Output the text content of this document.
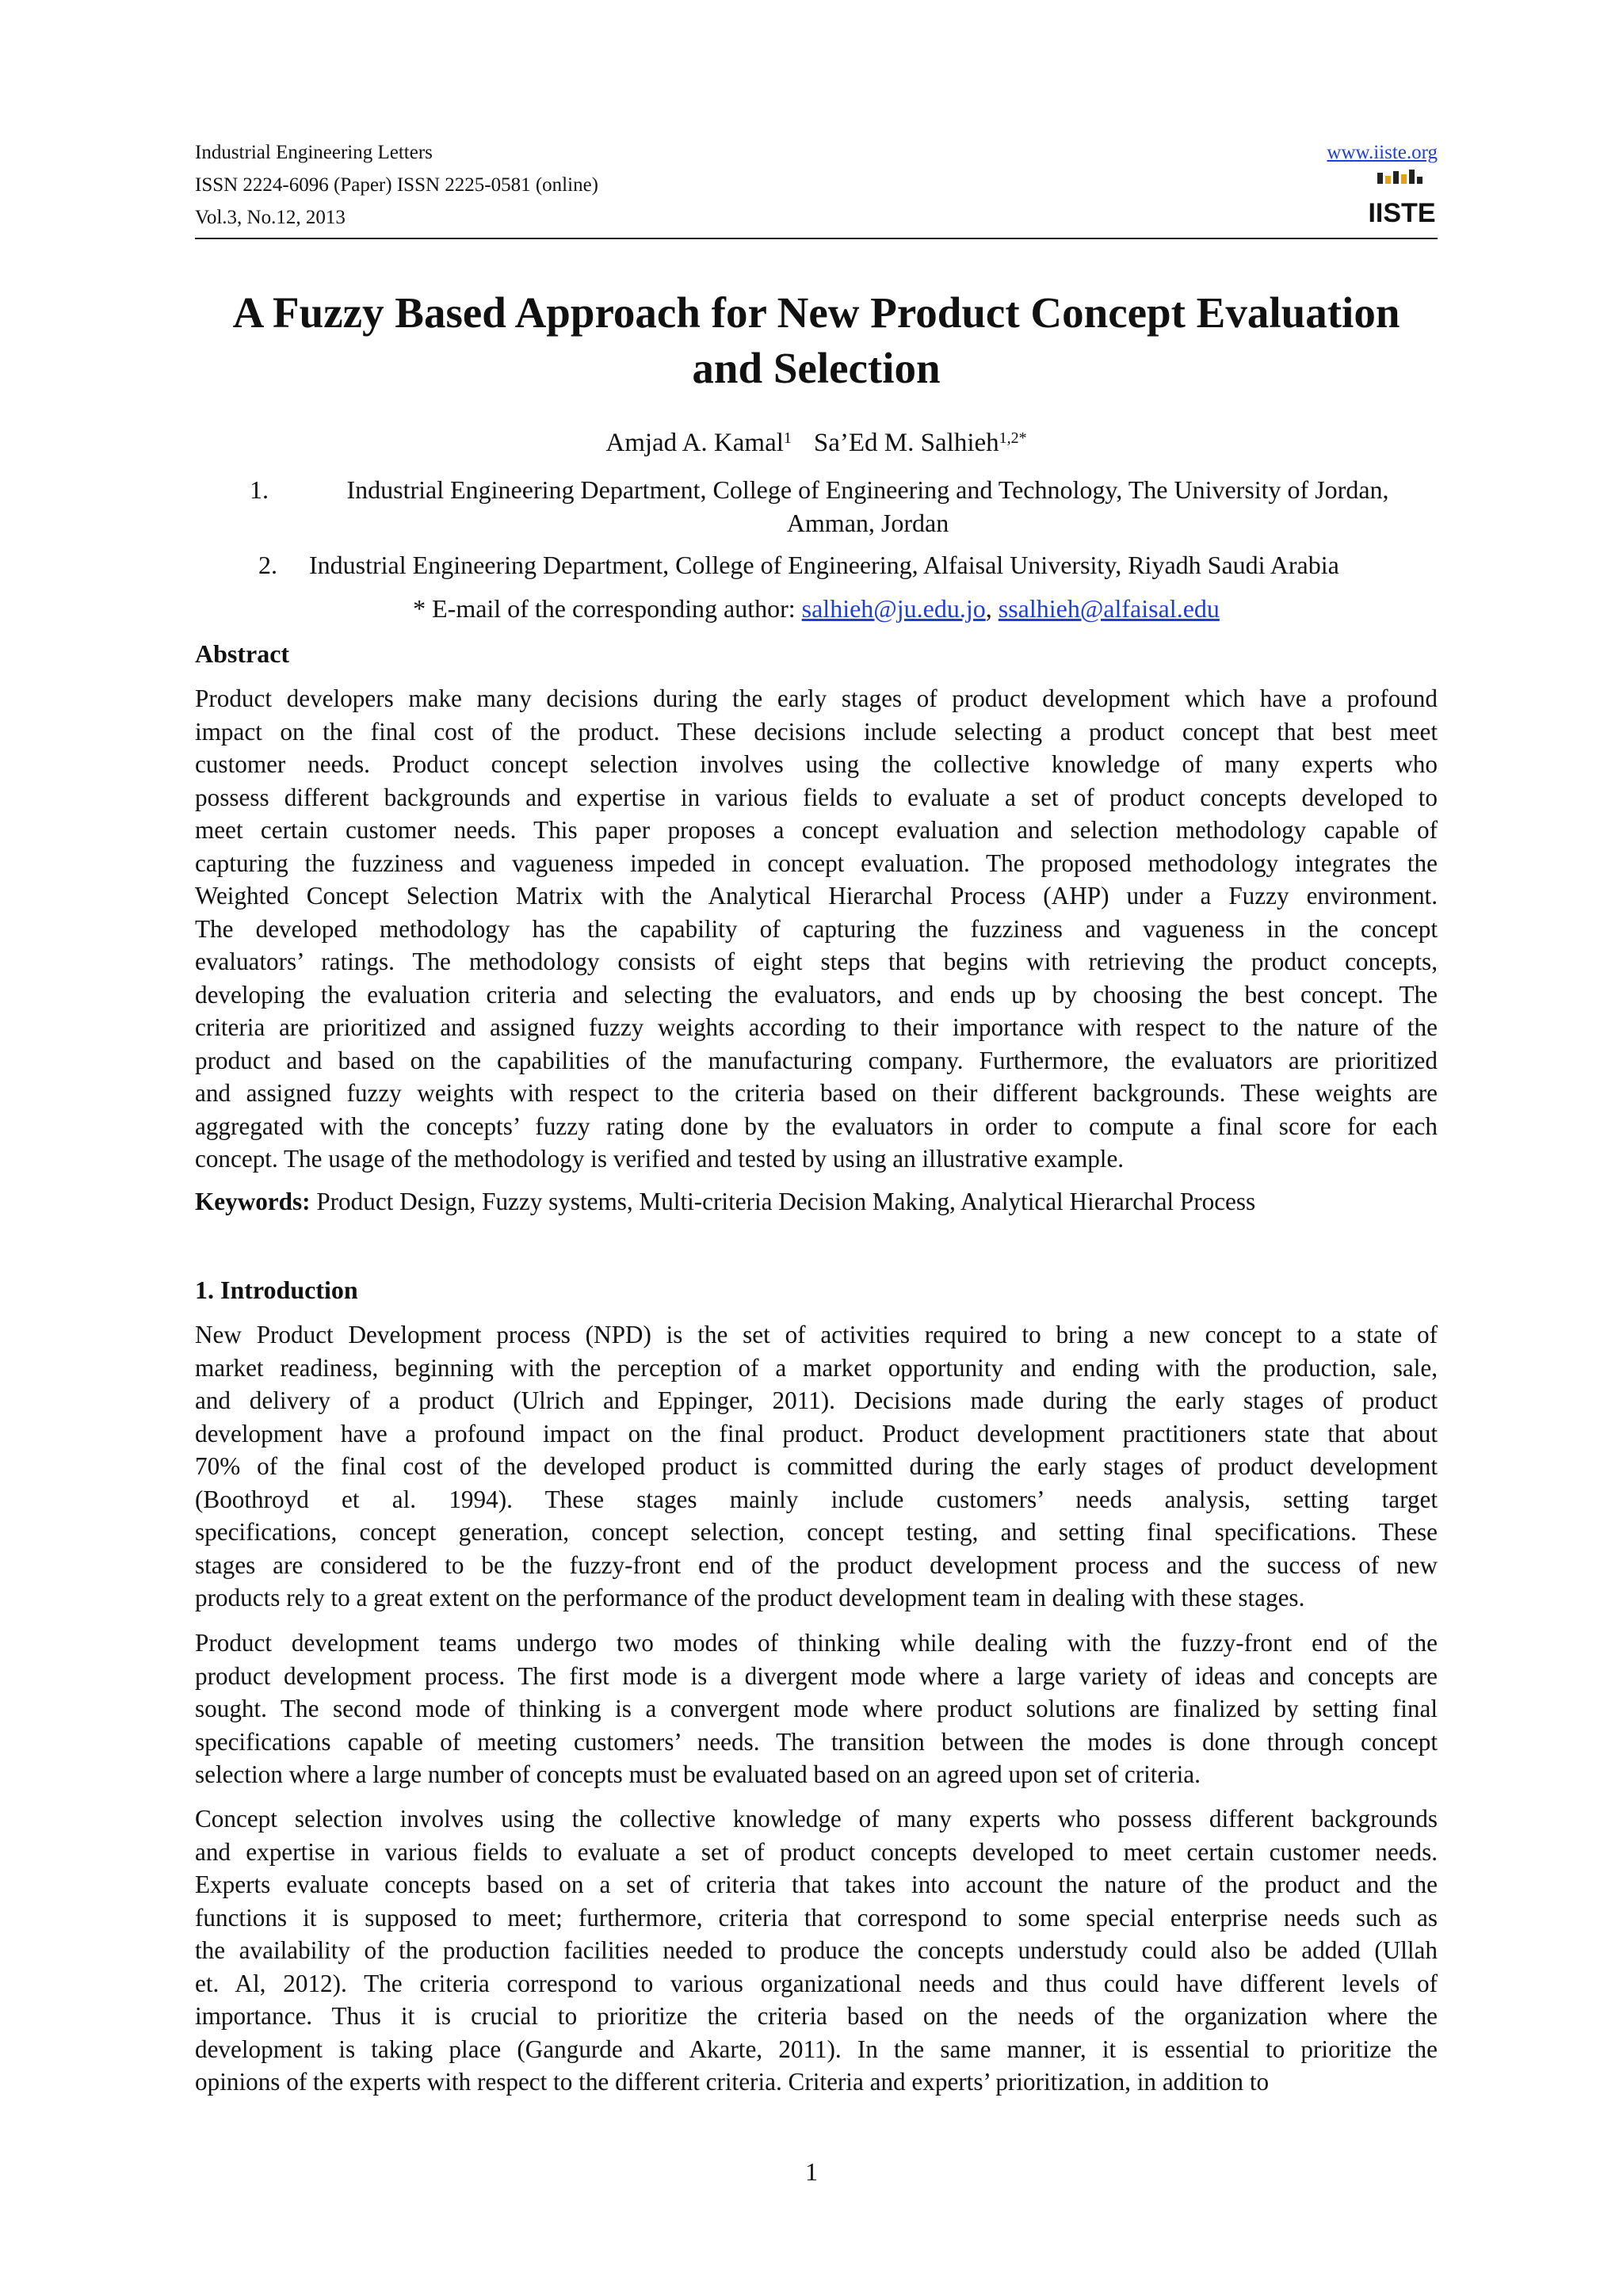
Industrial Engineering Letters
ISSN 2224-6096 (Paper) ISSN 2225-0581 (online)
Vol.3, No.12, 2013
www.iiste.org
IISTE
A Fuzzy Based Approach for New Product Concept Evaluation
and Selection
Amjad A. Kamal$^1$ Sa’Ed M. Salhieh$^{1,2*}$
1.	Industrial Engineering Department, College of Engineering and Technology, The University of Jordan,
Amman, Jordan
2. Industrial Engineering Department, College of Engineering, Alfaisal University, Riyadh Saudi Arabia
* E-mail of the corresponding author: salhieh@ju.edu.jo, ssalhieh@alfaisal.edu
Abstract
Product developers make many decisions during the early stages of product development which have a profound
impact on the final cost of the product. These decisions include selecting a product concept that best meet
customer needs. Product concept selection involves using the collective knowledge of many experts who
possess different backgrounds and expertise in various fields to evaluate a set of product concepts developed to
meet certain customer needs. This paper proposes a concept evaluation and selection methodology capable of
capturing the fuzziness and vagueness impeded in concept evaluation. The proposed methodology integrates the
Weighted Concept Selection Matrix with the Analytical Hierarchal Process (AHP) under a Fuzzy environment.
The developed methodology has the capability of capturing the fuzziness and vagueness in the concept
evaluators’ ratings. The methodology consists of eight steps that begins with retrieving the product concepts,
developing the evaluation criteria and selecting the evaluators, and ends up by choosing the best concept. The
criteria are prioritized and assigned fuzzy weights according to their importance with respect to the nature of the
product and based on the capabilities of the manufacturing company. Furthermore, the evaluators are prioritized
and assigned fuzzy weights with respect to the criteria based on their different backgrounds. These weights are
aggregated with the concepts’ fuzzy rating done by the evaluators in order to compute a final score for each
concept. The usage of the methodology is verified and tested by using an illustrative example.
Keywords: Product Design, Fuzzy systems, Multi-criteria Decision Making, Analytical Hierarchal Process
1. Introduction
New Product Development process (NPD) is the set of activities required to bring a new concept to a state of
market readiness, beginning with the perception of a market opportunity and ending with the production, sale,
and delivery of a product (Ulrich and Eppinger, 2011). Decisions made during the early stages of product
development have a profound impact on the final product. Product development practitioners state that about
70% of the final cost of the developed product is committed during the early stages of product development
(Boothroyd et al. 1994). These stages mainly include customers’ needs analysis, setting target
specifications, concept generation, concept selection, concept testing, and setting final specifications. These
stages are considered to be the fuzzy-front end of the product development process and the success of new
products rely to a great extent on the performance of the product development team in dealing with these stages.
Product development teams undergo two modes of thinking while dealing with the fuzzy-front end of the
product development process. The first mode is a divergent mode where a large variety of ideas and concepts are
sought. The second mode of thinking is a convergent mode where product solutions are finalized by setting final
specifications capable of meeting customers’ needs. The transition between the modes is done through concept
selection where a large number of concepts must be evaluated based on an agreed upon set of criteria.
Concept selection involves using the collective knowledge of many experts who possess different backgrounds
and expertise in various fields to evaluate a set of product concepts developed to meet certain customer needs.
Experts evaluate concepts based on a set of criteria that takes into account the nature of the product and the
functions it is supposed to meet; furthermore, criteria that correspond to some special enterprise needs such as
the availability of the production facilities needed to produce the concepts understudy could also be added (Ullah
et. Al, 2012). The criteria correspond to various organizational needs and thus could have different levels of
importance. Thus it is crucial to prioritize the criteria based on the needs of the organization where the
development is taking place (Gangurde and Akarte, 2011). In the same manner, it is essential to prioritize the
opinions of the experts with respect to the different criteria. Criteria and experts’ prioritization, in addition to
1
